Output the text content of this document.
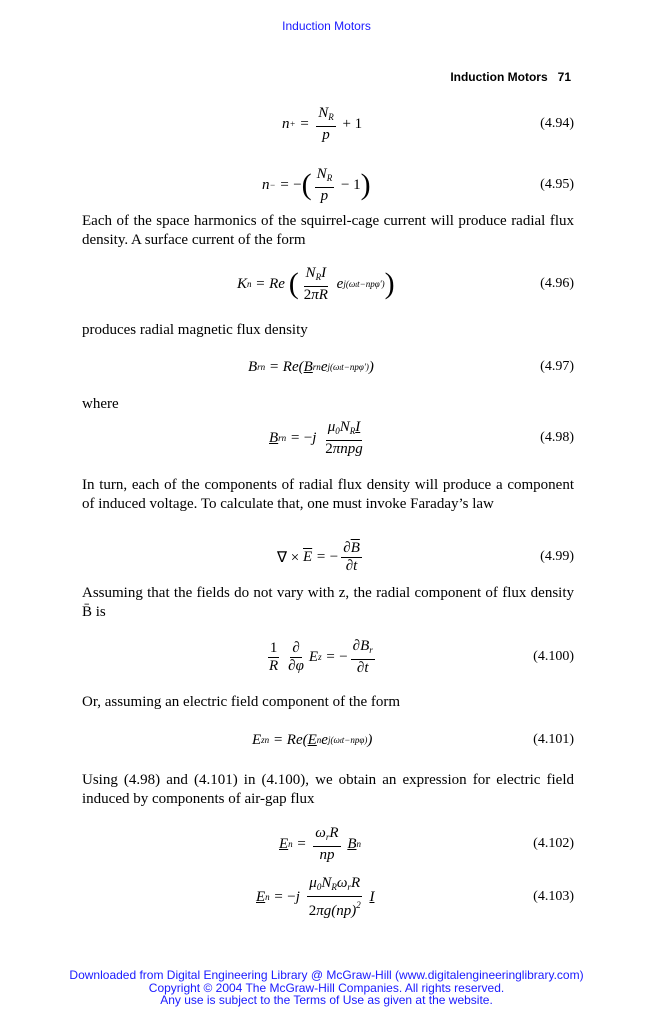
Induction Motors
Induction Motors 71
n + = $\frac{N_R}{p}$
+ 1	(4.94)
n − = − ( $\frac{N_R}{p}$
− 1 )	(4.95)
Each of the space harmonics of the squirrel-cage current will produce radial flux density. A surface current of the form
K n = Re ( $\frac{N_RI}{2\pi R}$ e j(ωtt−npφ′) )	(4.96)
produces radial magnetic flux density
B rn = Re( B rn e j(ωtt−npφ′) )	(4.97)
where
B rn = − j $\frac{\mu_0N_RI}{\text{2πnpg}}$	(4.98)
In turn, each of the components of radial flux density will produce a component of induced voltage. To calculate that, one must invoke Faraday’s law
∇ ×
$\overline{E}$ = − $\frac{\partial\overline{B}}{\partial t}$	(4.99)
Assuming that the fields do not vary with z, the radial component of flux density B̄ is
$\frac{1}{R} \frac{\partial}{\partial\varphi}$ E z = − $\frac{\partial B_r}{\partial t}$	(4.100)
Or, assuming an electric field component of the form
E zn = Re( E n e j(ωtt−npφ) )	(4.101)
Using (4.98) and (4.101) in (4.100), we obtain an expression for electric field induced by components of air-gap flux
E $n = \frac{\omega_rR}{np}$
B n	(4.102)
E n = − j $\frac{\mu_0N_R\omega_rR}{2\pi g(np)^2}$
I	(4.103)
Downloaded from Digital Engineering Library @ McGraw-Hill (www.digitalengineeringlibrary.com)
Copyright © 2004 The McGraw-Hill Companies. All rights reserved.
Any use is subject to the Terms of Use as given at the website.
